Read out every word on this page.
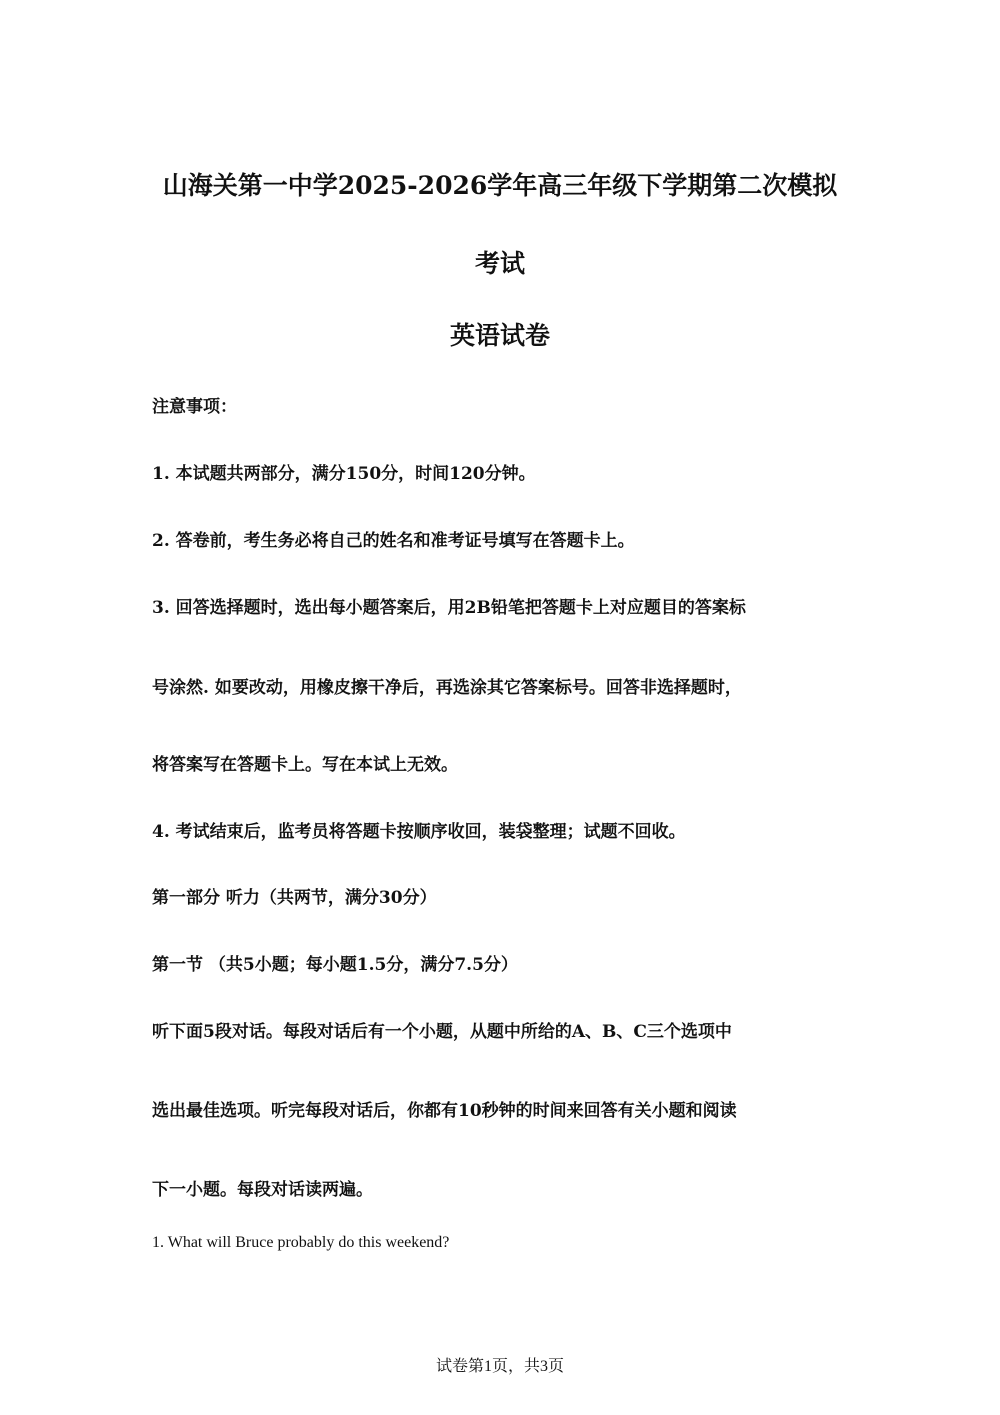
山海关第一中学2025-2026学年高三年级下学期第二次模拟
考试
英语试卷

注意事项：

1. 本试题共两部分，满分150分，时间120分钟。

2. 答卷前，考生务必将自己的姓名和准考证号填写在答题卡上。

3. 回答选择题时，选出每小题答案后，用2B铅笔把答题卡上对应题目的答案标

号涂然. 如要改动，用橡皮擦干净后，再选涂其它答案标号。回答非选择题时，

将答案写在答题卡上。写在本试上无效。

4. 考试结束后，监考员将答题卡按顺序收回，装袋整理；试题不回收。

第一部分 听力（共两节，满分30分）

第一节 （共5小题；每小题1.5分，满分7.5分）

听下面5段对话。每段对话后有一个小题，从题中所给的A、B、C三个选项中

选出最佳选项。听完每段对话后，你都有10秒钟的时间来回答有关小题和阅读

下一小题。每段对话读两遍。

1. What will Bruce probably do this weekend?

试卷第1页，共3页
